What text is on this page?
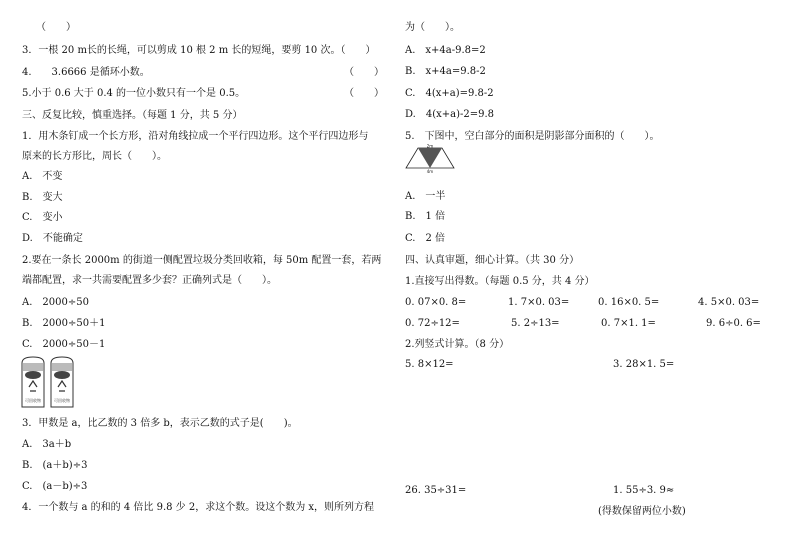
（　　）
3．一根 20 m长的长绳，可以剪成 10 根 2 m 长的短绳，要剪 10 次。（　　）
4.　　3.6666 是循环小数。	（　　）
5.小于 0.6 大于 0.4 的一位小数只有一个是 0.5。	（　　）
三、反复比较，慎重选择。（每题 1 分，共 5 分）
1．用木条钉成一个长方形，沿对角线拉成一个平行四边形。这个平行四边形与
原来的长方形比，周长（　　）。
A.　不变
B.　变大
C.　变小
D.　不能确定
2.要在一条长 2000m 的街道一侧配置垃圾分类回收箱，每 50m 配置一套，若两
端都配置，求一共需要配置多少套？正确列式是（　　）。
A.　2000÷50
B.　2000÷50＋1
C.　2000÷50－1
可回收物	可回收物
3．甲数是 a，比乙数的 3 倍多 b，表示乙数的式子是(　　)。
A.　3a＋b
B.　(a＋b)÷3
C.　(a－b)÷3
4．一个数与 a 的和的 4 倍比 9.8 少 2，求这个数。设这个数为 x，则所列方程
为（　　）。
A.　x+4a-9.8=2
B.　x+4a=9.8-2
C.　4(x+a)=9.8-2
D.　4(x+a)-2=9.8
5.　下图中，空白部分的面积是阴影部分面积的（　　）。
2m
中点
4m
A.　一半
B.　1 倍
C.　2 倍
四、认真审题，细心计算。（共 30 分）
1.直接写出得数。（每题 0.5 分，共 4 分）
0. 07×0. 8=	1. 7×0. 03=	0. 16×0. 5=	4. 5×0. 03=
0. 72÷12=	5. 2÷13=	0. 7×1. 1=	9. 6÷0. 6=
2.列竖式计算。（8 分）
5. 8×12=	3. 28×1. 5=
26. 35÷31=	1. 55÷3. 9≈
(得数保留两位小数)
